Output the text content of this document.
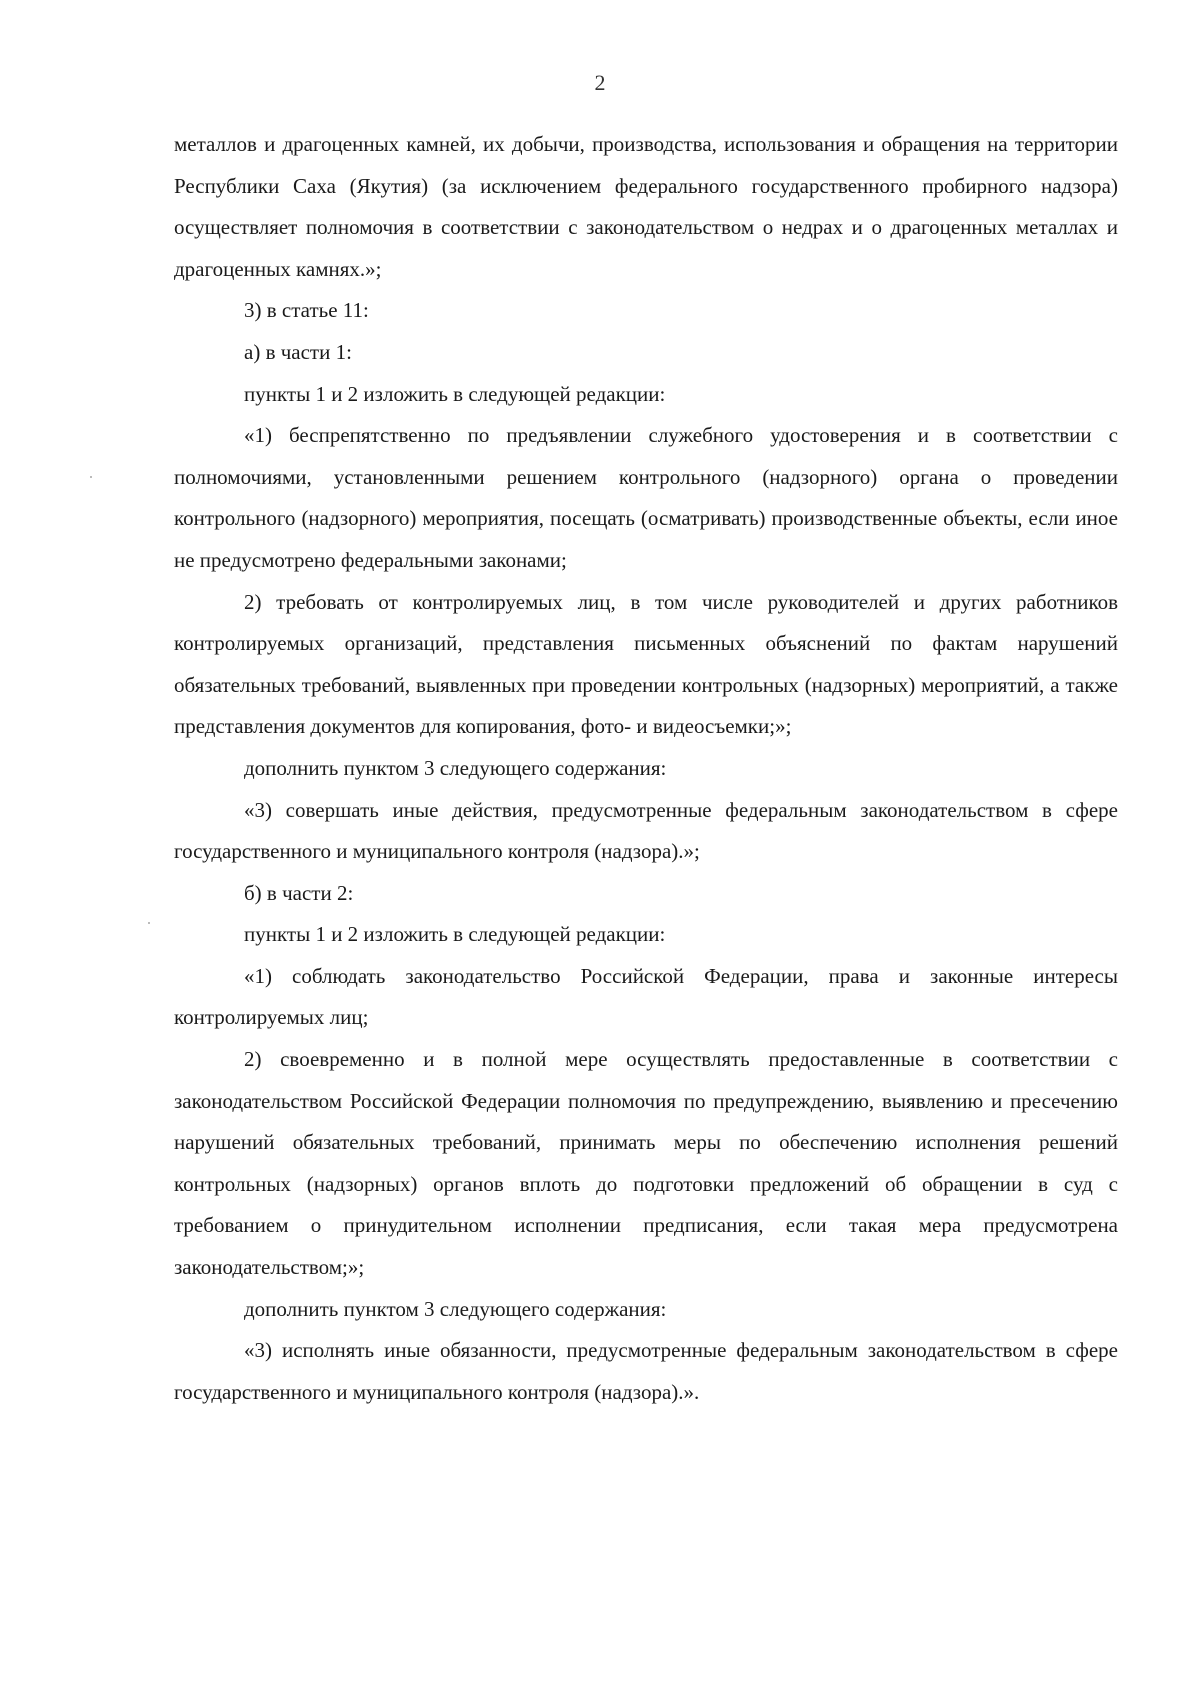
2

металлов и драгоценных камней, их добычи, производства, использования и обращения на территории Республики Саха (Якутия) (за исключением федерального государственного пробирного надзора) осуществляет полномочия в соответствии с законодательством о недрах и о драгоценных металлах и драгоценных камнях.»;

3) в статье 11:

а) в части 1:

пункты 1 и 2 изложить в следующей редакции:

«1) беспрепятственно по предъявлении служебного удостоверения и в соответствии с полномочиями, установленными решением контрольного (надзорного) органа о проведении контрольного (надзорного) мероприятия, посещать (осматривать) производственные объекты, если иное не предусмотрено федеральными законами;

2) требовать от контролируемых лиц, в том числе руководителей и других работников контролируемых организаций, представления письменных объяснений по фактам нарушений обязательных требований, выявленных при проведении контрольных (надзорных) мероприятий, а также представления документов для копирования, фото- и видеосъемки;»;

дополнить пунктом 3 следующего содержания:

«3) совершать иные действия, предусмотренные федеральным законодательством в сфере государственного и муниципального контроля (надзора).»;

б) в части 2:

пункты 1 и 2 изложить в следующей редакции:

«1) соблюдать законодательство Российской Федерации, права и законные интересы контролируемых лиц;

2) своевременно и в полной мере осуществлять предоставленные в соответствии с законодательством Российской Федерации полномочия по предупреждению, выявлению и пресечению нарушений обязательных требований, принимать меры по обеспечению исполнения решений контрольных (надзорных) органов вплоть до подготовки предложений об обращении в суд с требованием о принудительном исполнении предписания, если такая мера предусмотрена законодательством;»;

дополнить пунктом 3 следующего содержания:

«3) исполнять иные обязанности, предусмотренные федеральным законодательством в сфере государственного и муниципального контроля (надзора).».
